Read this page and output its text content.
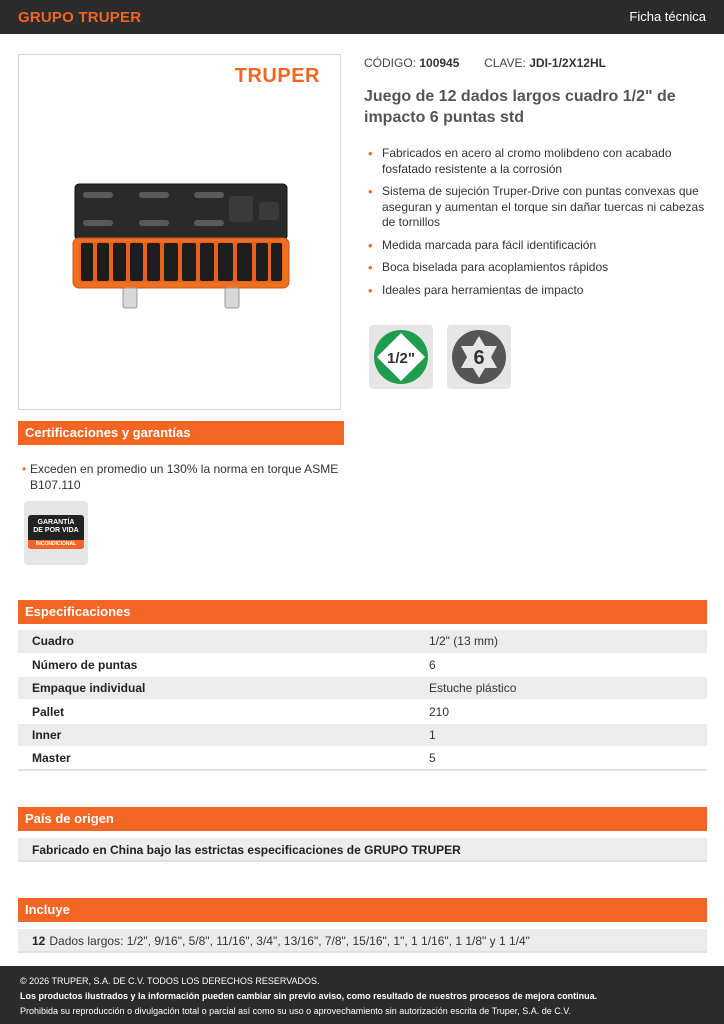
GRUPO TRUPER	Ficha técnica
TRUPER
CÓDIGO: 100945 CLAVE: JDI-1/2X12HL
Juego de 12 dados largos cuadro 1/2" de impacto 6 puntas std
• Fabricados en acero al cromo molibdeno con acabado fosfatado resistente a la corrosión
• Sistema de sujeción Truper-Drive con puntas convexas que aseguran y aumentan el torque sin dañar tuercas ni cabezas de tornillos
• Medida marcada para fácil identificación
• Boca biselada para acoplamientos rápidos
• Ideales para herramientas de impacto
1/2"	6
Certificaciones y garantías
• Exceden en promedio un 130% la norma en torque ASME B107.110
GARANTÍA
DE POR VIDA
INCONDICIONAL
Especificaciones
Cuadro	1/2" (13 mm)
Número de puntas	6
Empaque individual	Estuche plástico
Pallet	210
Inner	1
Master	5
País de origen
Fabricado en China bajo las estrictas especificaciones de GRUPO TRUPER
Incluye
12 Dados largos: 1/2", 9/16", 5/8", 11/16", 3/4", 13/16", 7/8", 15/16", 1", 1 1/16", 1 1/8" y 1 1/4"
© 2026 TRUPER, S.A. DE C.V. TODOS LOS DERECHOS RESERVADOS.
Los productos ilustrados y la información pueden cambiar sin previo aviso, como resultado de nuestros procesos de mejora continua.
Prohibida su reproducción o divulgación total o parcial así como su uso o aprovechamiento sin autorización escrita de Truper, S.A. de C.V.
